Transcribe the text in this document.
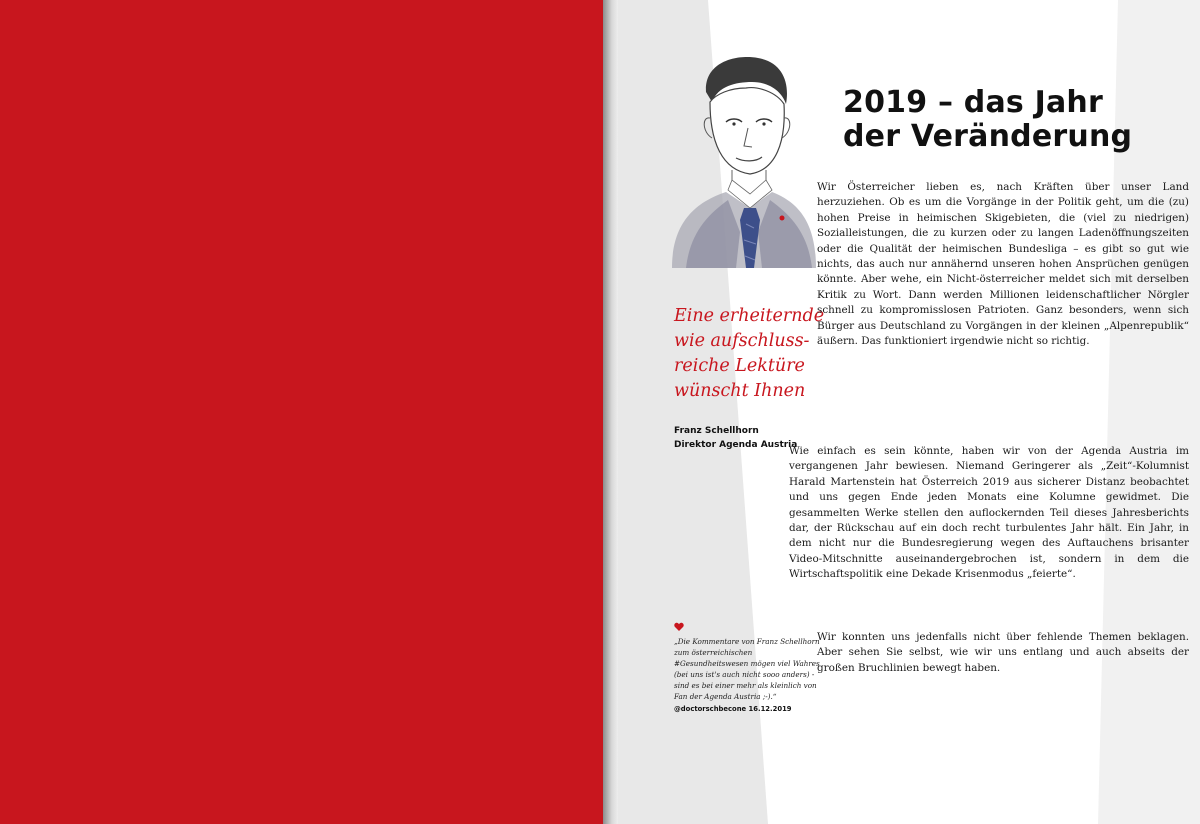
2019 – das Jahr
der Veränderung

Eine erheiternde
wie aufschluss-
reiche Lektüre
wünscht Ihnen

Franz Schellhorn
Direktor Agenda Austria

Wir Österreicher lieben es, nach Kräften über unser Land herzuziehen. Ob es um die Vorgänge in der Politik geht, um die (zu) hohen Preise in heimischen Skigebieten, die (viel zu niedrigen) Sozialleistungen, die zu kurzen oder zu langen Ladenöffnungszeiten oder die Qualität der heimischen Bundesliga – es gibt so gut wie nichts, das auch nur annähernd unseren hohen Ansprüchen genügen könnte. Aber wehe, ein Nicht-österreicher meldet sich mit derselben Kritik zu Wort. Dann werden Millionen leidenschaftlicher Nörgler schnell zu kompromisslosen Patrioten. Ganz besonders, wenn sich Bürger aus Deutschland zu Vorgängen in der kleinen „Alpenrepublik“ äußern. Das funktioniert irgendwie nicht so richtig.

Wie einfach es sein könnte, haben wir von der Agenda Austria im vergangenen Jahr bewiesen. Niemand Geringerer als „Zeit“-Kolumnist Harald Martenstein hat Österreich 2019 aus sicherer Distanz beobachtet und uns gegen Ende jeden Monats eine Kolumne gewidmet. Die gesammelten Werke stellen den auflockernden Teil dieses Jahresberichts dar, der Rückschau auf ein doch recht turbulentes Jahr hält. Ein Jahr, in dem nicht nur die Bundesregierung wegen des Auftauchens brisanter Video-Mitschnitte auseinandergebrochen ist, sondern in dem die Wirtschaftspolitik eine Dekade Krisenmodus „feierte“.

Wir konnten uns jedenfalls nicht über fehlende Themen beklagen. Aber sehen Sie selbst, wie wir uns entlang und auch abseits der großen Bruchlinien bewegt haben.

„Die Kommentare von Franz Schellhorn zum österreichischen #Gesundheitswesen mögen viel Wahres (bei uns ist's auch nicht sooo anders) - sind es bei einer mehr als kleinlich von Fan der Agenda Austria ;-).“

@doctorschbecone 16.12.2019
